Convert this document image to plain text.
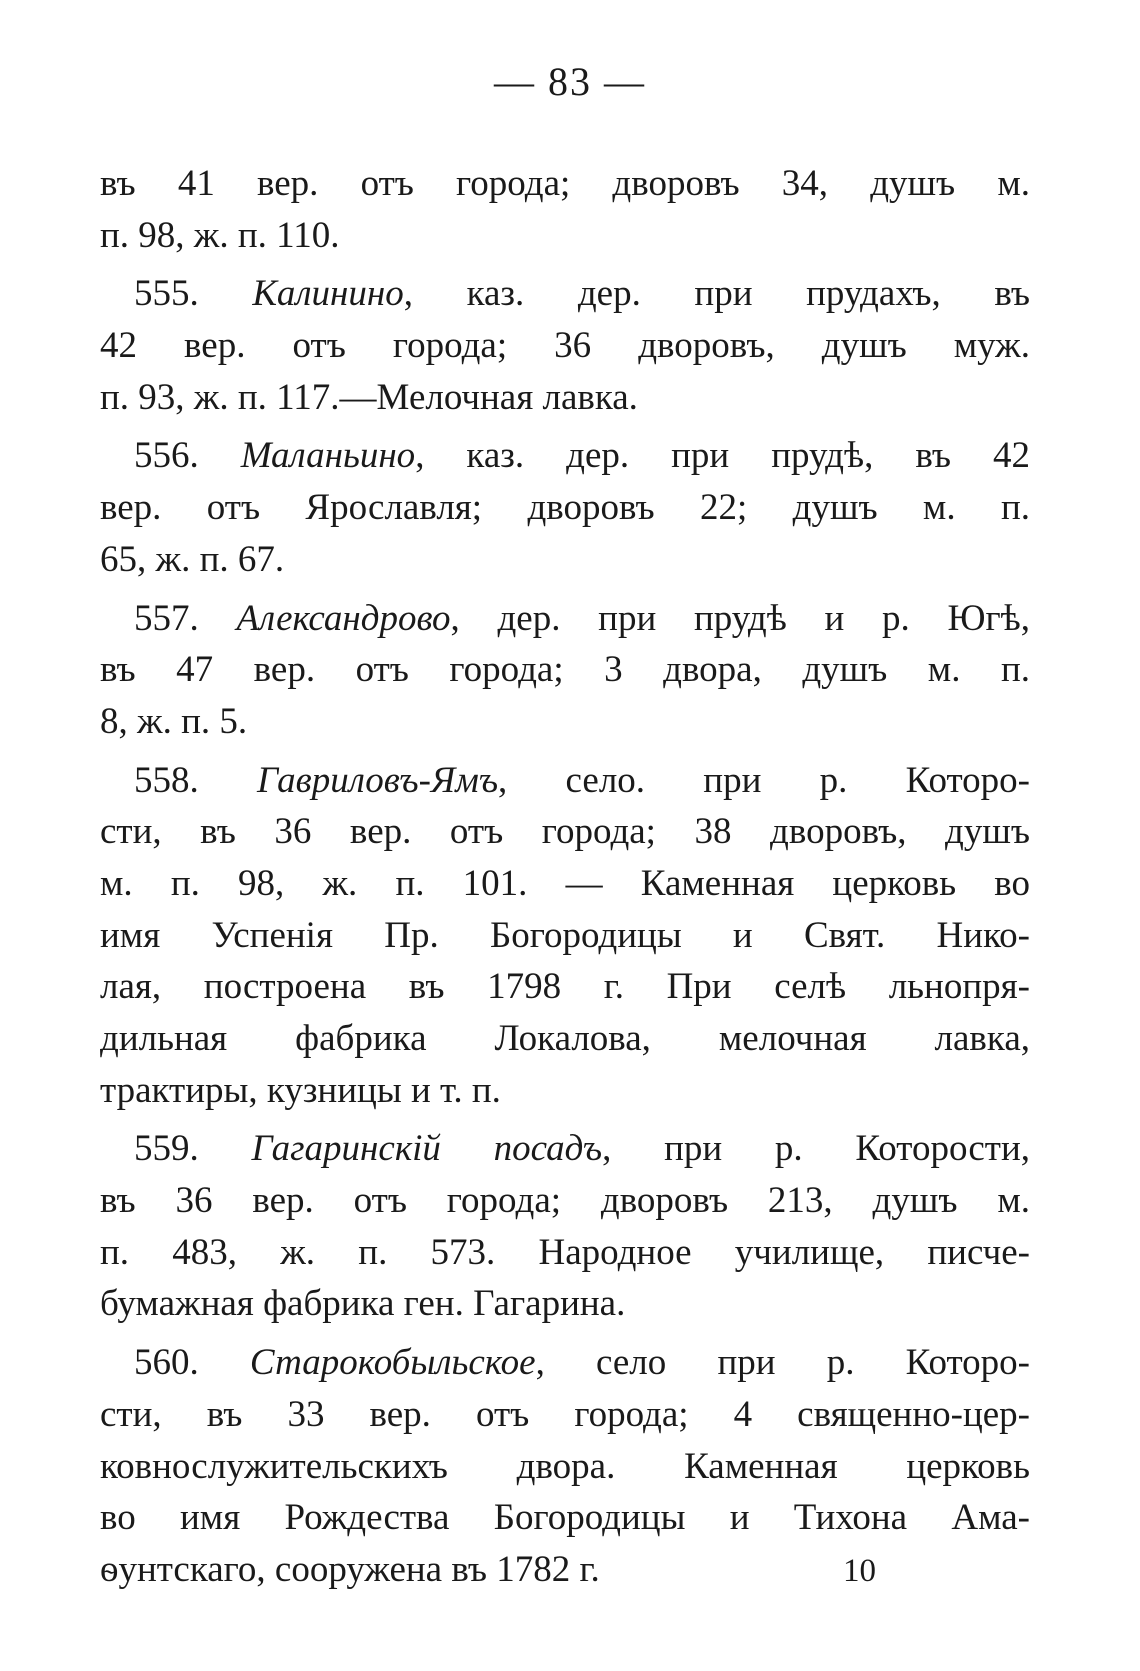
— 83 —
въ 41 вер. отъ города; дворовъ 34, душъ м.
п. 98, ж. п. 110.
555. Калинино, каз. дер. при прудахъ, въ
42 вер. отъ города; 36 дворовъ, душъ муж.
п. 93, ж. п. 117.—Мелочная лавка.
556. Маланьино, каз. дер. при прудѣ, въ 42
вер. отъ Ярославля; дворовъ 22; душъ м. п.
65, ж. п. 67.
557. Александрово, дер. при прудѣ и р. Югѣ,
въ 47 вер. отъ города; 3 двора, душъ м. п.
8, ж. п. 5.
558. Гавриловъ-Ямъ, село. при р. Которо-
сти, въ 36 вер. отъ города; 38 дворовъ, душъ
м. п. 98, ж. п. 101. — Каменная церковь во
имя Успенія Пр. Богородицы и Свят. Нико-
лая, построена въ 1798 г. При селѣ льнопря-
дильная фабрика Локалова, мелочная лавка,
трактиры, кузницы и т. п.
559. Гагаринскій посадъ, при р. Которости,
въ 36 вер. отъ города; дворовъ 213, душъ м.
п. 483, ж. п. 573. Народное училище, писче-
бумажная фабрика ген. Гагарина.
560. Старокобыльское, село при р. Которо-
сти, въ 33 вер. отъ города; 4 священно-цер-
ковнослужительскихъ двора. Каменная церковь
во имя Рождества Богородицы и Тихона Ама-
ѳунтскаго, сооружена въ 1782 г.	10
